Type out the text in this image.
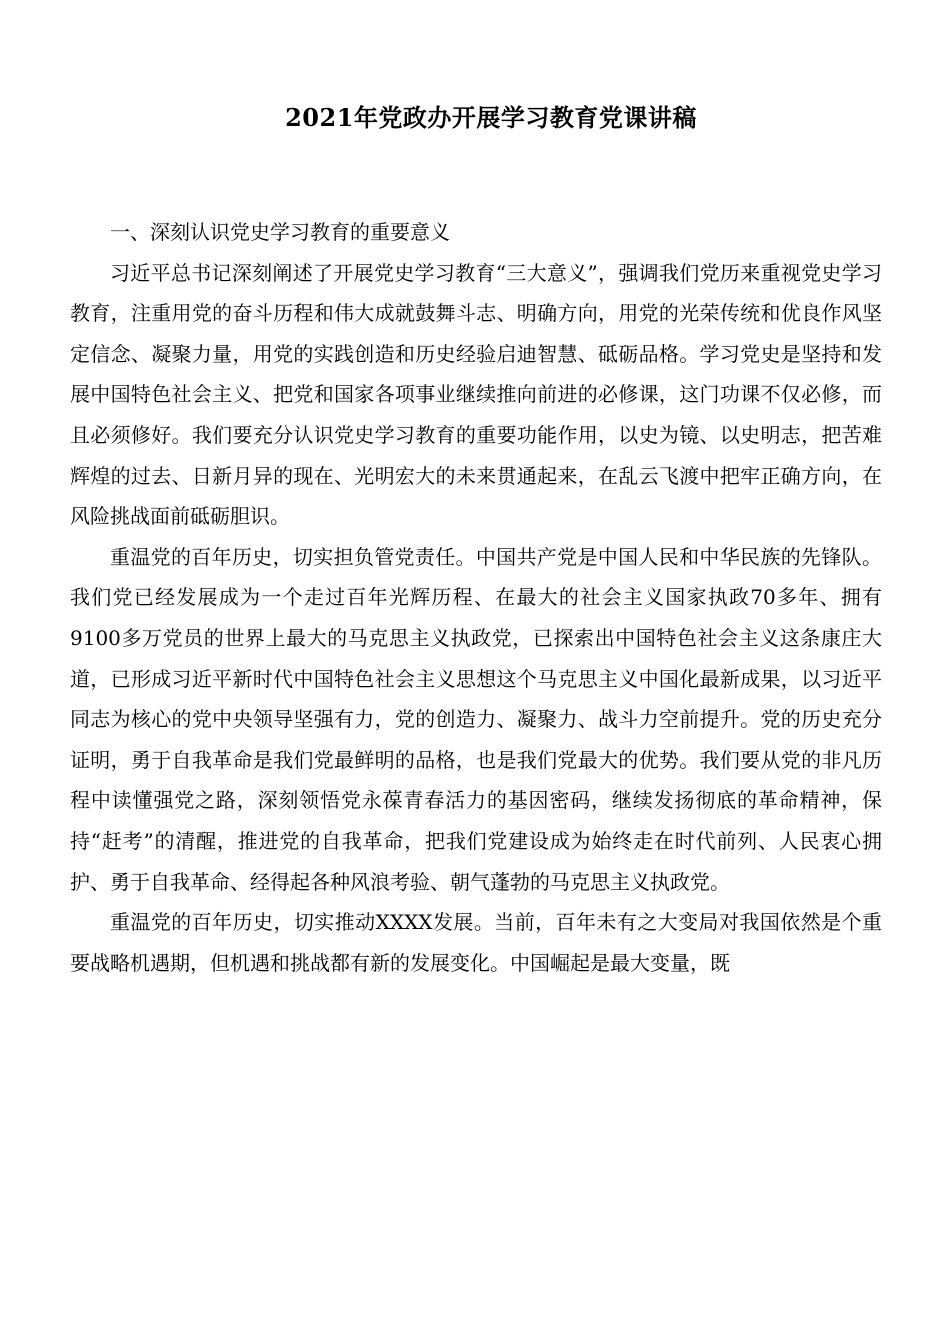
2021年党政办开展学习教育党课讲稿

一、深刻认识党史学习教育的重要意义

习近平总书记深刻阐述了开展党史学习教育“三大意义”，强调我们党历来重视党史学习教育，注重用党的奋斗历程和伟大成就鼓舞斗志、明确方向，用党的光荣传统和优良作风坚定信念、凝聚力量，用党的实践创造和历史经验启迪智慧、砥砺品格。学习党史是坚持和发展中国特色社会主义、把党和国家各项事业继续推向前进的必修课，这门功课不仅必修，而且必须修好。我们要充分认识党史学习教育的重要功能作用，以史为镜、以史明志，把苦难辉煌的过去、日新月异的现在、光明宏大的未来贯通起来，在乱云飞渡中把牢正确方向，在风险挑战面前砥砺胆识。

重温党的百年历史，切实担负管党责任。中国共产党是中国人民和中华民族的先锋队。我们党已经发展成为一个走过百年光辉历程、在最大的社会主义国家执政70多年、拥有9100多万党员的世界上最大的马克思主义执政党，已探索出中国特色社会主义这条康庄大道，已形成习近平新时代中国特色社会主义思想这个马克思主义中国化最新成果，以习近平同志为核心的党中央领导坚强有力，党的创造力、凝聚力、战斗力空前提升。党的历史充分证明，勇于自我革命是我们党最鲜明的品格，也是我们党最大的优势。我们要从党的非凡历程中读懂强党之路，深刻领悟党永葆青春活力的基因密码，继续发扬彻底的革命精神，保持“赶考”的清醒，推进党的自我革命，把我们党建设成为始终走在时代前列、人民衷心拥护、勇于自我革命、经得起各种风浪考验、朝气蓬勃的马克思主义执政党。

重温党的百年历史，切实推动XXXX发展。当前，百年未有之大变局对我国依然是个重要战略机遇期，但机遇和挑战都有新的发展变化。中国崛起是最大变量，既
